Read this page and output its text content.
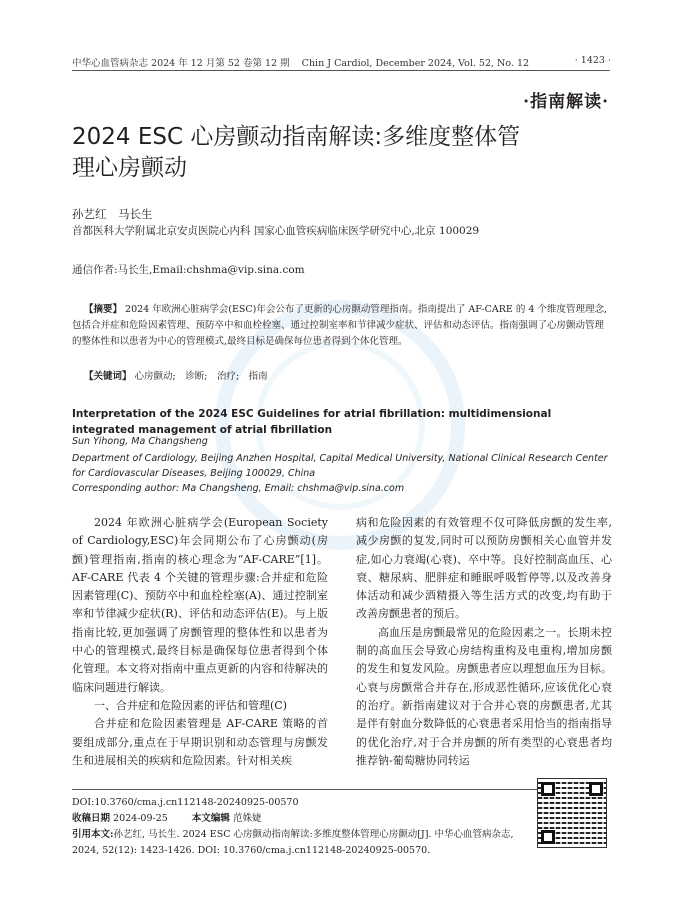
中华心血管病杂志 2024 年 12 月第 52 卷第 12 期 Chin J Cardiol, December 2024, Vol. 52, No. 12	· 1423 ·
·指南解读·
2024 ESC 心房颤动指南解读:多维度整体管理心房颤动
孙艺红　马长生
首都医科大学附属北京安贞医院心内科 国家心血管疾病临床医学研究中心,北京 100029
通信作者:马长生,Email:chshma@vip.sina.com
【摘要】 2024 年欧洲心脏病学会(ESC)年会公布了更新的心房颤动管理指南。指南提出了 AF-CARE 的 4 个维度管理理念,包括合并症和危险因素管理、预防卒中和血栓栓塞、通过控制室率和节律减少症状、评估和动态评估。指南强调了心房颤动管理的整体性和以患者为中心的管理模式,最终目标是确保每位患者得到个体化管理。
【关键词】 心房颤动;　诊断;　治疗;　指南
Interpretation of the 2024 ESC Guidelines for atrial fibrillation: multidimensional integrated management of atrial fibrillation
Sun Yihong, Ma Changsheng
Department of Cardiology, Beijing Anzhen Hospital, Capital Medical University, National Clinical Research Center for Cardiovascular Diseases, Beijing 100029, China
Corresponding author: Ma Changsheng, Email: chshma@vip.sina.com

2024 年欧洲心脏病学会(European Society of Cardiology,ESC)年会同期公布了心房颤动(房颤)管理指南,指南的核心理念为“AF-CARE”[1]。AF-CARE 代表 4 个关键的管理步骤:合并症和危险因素管理(C)、预防卒中和血栓栓塞(A)、通过控制室率和节律减少症状(R)、评估和动态评估(E)。与上版指南比较,更加强调了房颤管理的整体性和以患者为中心的管理模式,最终目标是确保每位患者得到个体化管理。本文将对指南中重点更新的内容和待解决的临床问题进行解读。

一、合并症和危险因素的评估和管理(C)

合并症和危险因素管理是 AF-CARE 策略的首要组成部分,重点在于早期识别和动态管理与房颤发生和进展相关的疾病和危险因素。针对相关疾

病和危险因素的有效管理不仅可降低房颤的发生率,减少房颤的复发,同时可以预防房颤相关心血管并发症,如心力衰竭(心衰)、卒中等。良好控制高血压、心衰、糖尿病、肥胖症和睡眠呼吸暂停等,以及改善身体活动和减少酒精摄入等生活方式的改变,均有助于改善房颤患者的预后。

高血压是房颤最常见的危险因素之一。长期未控制的高血压会导致心房结构重构及电重构,增加房颤的发生和复发风险。房颤患者应以理想血压为目标。心衰与房颤常合并存在,形成恶性循环,应该优化心衰的治疗。新指南建议对于合并心衰的房颤患者,尤其是伴有射血分数降低的心衰患者采用恰当的指南指导的优化治疗,对于合并房颤的所有类型的心衰患者均推荐钠-葡萄糖协同转运

DOI:10.3760/cma.j.cn112148-20240925-00570
收稿日期 2024-09-25	本文编辑 范姝婕
引用本文:孙艺红, 马长生. 2024 ESC 心房颤动指南解读:多维度整体管理心房颤动[J]. 中华心血管病杂志, 2024, 52(12): 1423-1426. DOI: 10.3760/cma.j.cn112148-20240925-00570.
